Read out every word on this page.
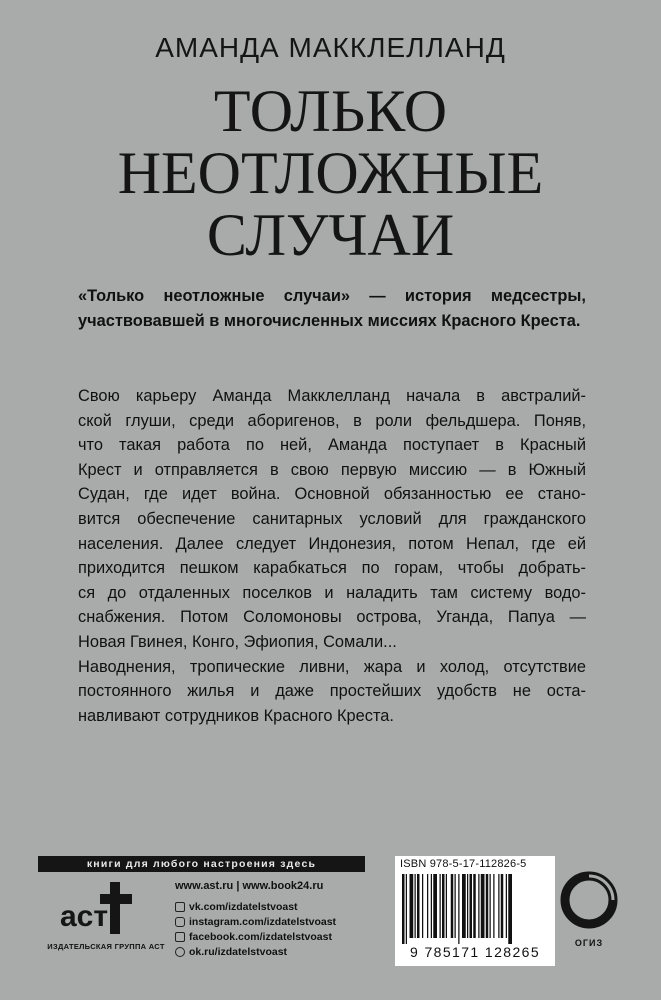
АМАНДА МАККЛЕЛЛАНД
ТОЛЬКО
НЕОТЛОЖНЫЕ
СЛУЧАИ
«Только неотложные случаи» — история медсестры, участвовавшей в многочисленных миссиях Красного Креста.
Свою карьеру Аманда Макклелланд начала в австралий-
ской глуши, среди аборигенов, в роли фельдшера. Поняв,
что такая работа по ней, Аманда поступает в Красный
Крест и отправляется в свою первую миссию — в Южный
Судан, где идет война. Основной обязанностью ее стано-
вится обеспечение санитарных условий для гражданского
населения. Далее следует Индонезия, потом Непал, где ей
приходится пешком карабкаться по горам, чтобы добрать-
ся до отдаленных поселков и наладить там систему водо-
снабжения. Потом Соломоновы острова, Уганда, Папуа —
Новая Гвинея, Конго, Эфиопия, Сомали...
Наводнения, тропические ливни, жара и холод, отсутствие
постоянного жилья и даже простейших удобств не оста-
навливают сотрудников Красного Креста.
книги для любого настроения здесь
аст
ИЗДАТЕЛЬСКАЯ ГРУППА АСТ
www.ast.ru | www.book24.ru
vk.com/izdatelstvoast
instagram.com/izdatelstvoast
facebook.com/izdatelstvoast
ok.ru/izdatelstvoast
ISBN 978-5-17-112826-5
9 785171 128265
ОГИЗ
